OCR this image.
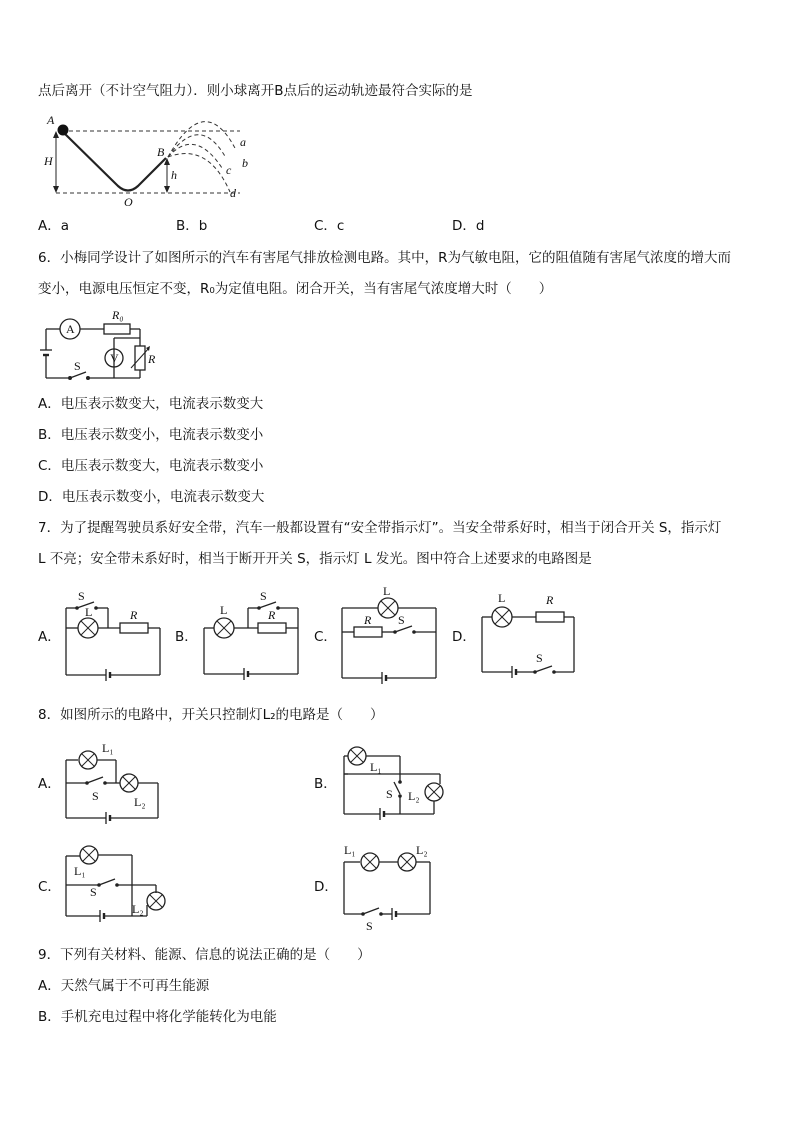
点后离开（不计空气阻力）．则小球离开B点后的运动轨迹最符合实际的是
A
H
B
h
O
a
b
c
d
A．a	B．b	C．c	D．d
6．小梅同学设计了如图所示的汽车有害尾气排放检测电路。其中，R为气敏电阻，它的阻值随有害尾气浓度的增大而
变小，电源电压恒定不变，R₀为定值电阻。闭合开关，当有害尾气浓度增大时（　　）
A
R₀
S
V R
A．电压表示数变大，电流表示数变大
B．电压表示数变小，电流表示数变小
C．电压表示数变大，电流表示数变小
D．电压表示数变小，电流表示数变大
7．为了提醒驾驶员系好安全带，汽车一般都设置有“安全带指示灯”。当安全带系好时，相当于闭合开关 S，指示灯
L 不亮；安全带未系好时，相当于断开开关 S，指示灯 L 发光。图中符合上述要求的电路图是
A．
S
L	R
B．
S
L	R
C．
L
R S
D．
L	R
S
8．如图所示的电路中，开关只控制灯L₂的电路是（　　）
A．
L₁
S	L₂
B．
L₁
S L₂
C．
L₁
S
L₂
D．
L₁	L₂
S
9．下列有关材料、能源、信息的说法正确的是（　　）
A．天然气属于不可再生能源
B．手机充电过程中将化学能转化为电能
